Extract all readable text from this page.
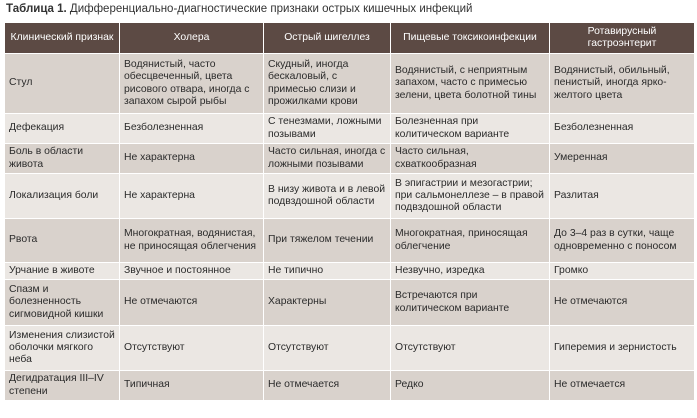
Таблица 1. Дифференциально-диагностические признаки острых кишечных инфекций
Клинический признак	Холера	Острый шигеллез	Пищевые токсикоинфекции	Ротавирусный гастроэнтерит
Стул	Водянистый, часто обесцвеченный, цвета рисового отвара, иногда с запахом сырой рыбы	Скудный, иногда бескаловый, с примесью слизи и прожилками крови	Водянистый, с неприятным запахом, часто с примесью зелени, цвета болотной тины	Водянистый, обильный, пенистый, иногда ярко-желтого цвета
Дефекация	Безболезненная	С тенезмами, ложными позывами	Болезненная при колитическом варианте	Безболезненная
Боль в области живота	Не характерна	Часто сильная, иногда с ложными позывами	Часто сильная, схваткообразная	Умеренная
Локализация боли	Не характерна	В низу живота и в левой подвздошной области	В эпигастрии и мезогастрии; при сальмонеллезе – в правой подвздошной области	Разлитая
Рвота	Многократная, водянистая, не приносящая облегчения	При тяжелом течении	Многократная, приносящая облегчение	До 3–4 раз в сутки, чаще одновременно с поносом
Урчание в животе	Звучное и постоянное	Не типично	Незвучно, изредка	Громко
Спазм и болезненность сигмовидной кишки	Не отмечаются	Характерны	Встречаются при колитическом варианте	Не отмечаются
Изменения слизистой оболочки мягкого неба	Отсутствуют	Отсутствуют	Отсутствуют	Гиперемия и зернистость
Дегидратация III–IV степени	Типичная	Не отмечается	Редко	Не отмечается
